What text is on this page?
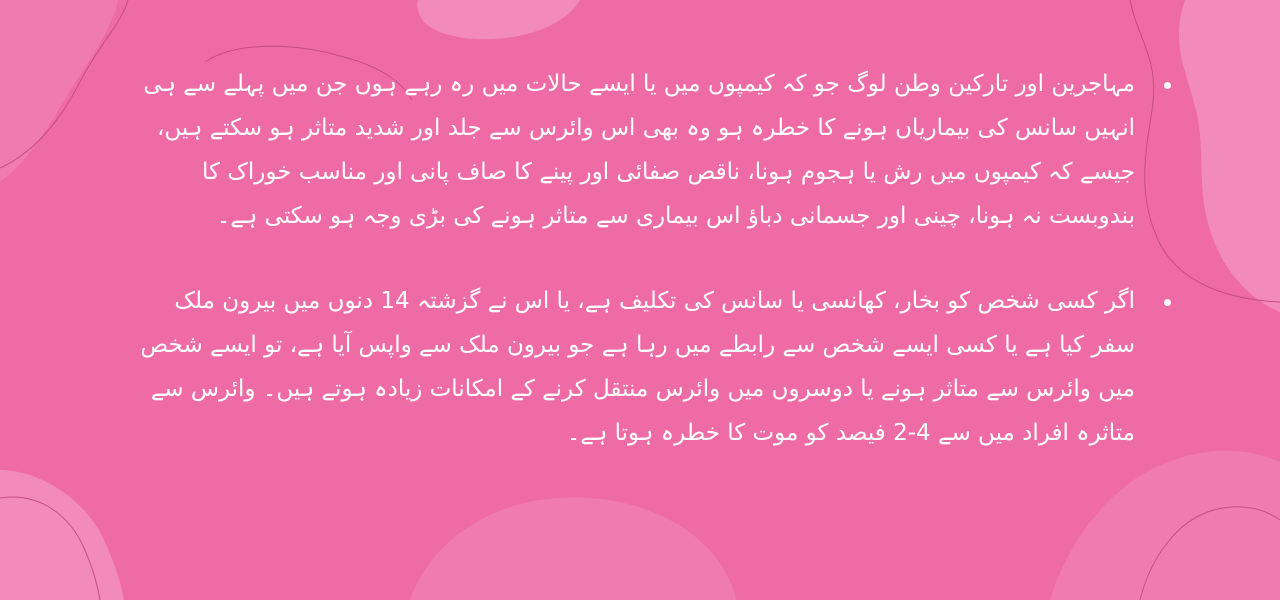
مہاجرین اور تارکین وطن لوگ جو کہ کیمپوں میں یا ایسے حالات میں رہ رہے ہوں جن میں پہلے سے ہی انہیں سانس کی بیماریاں ہونے کا خطرہ ہو وہ بھی اس وائرس سے جلد اور شدید متاثر ہو سکتے ہیں، جیسے کہ کیمپوں میں رش یا ہجوم ہونا، ناقص صفائی اور پینے کا صاف پانی اور مناسب خوراک کا بندوبست نہ ہونا، چینی اور جسمانی دباؤ اس بیماری سے متاثر ہونے کی بڑی وجہ ہو سکتی ہے۔

اگر کسی شخص کو بخار، کھانسی یا سانس کی تکلیف ہے، یا اس نے گزشتہ 14 دنوں میں بیرون ملک سفر کیا ہے یا کسی ایسے شخص سے رابطے میں رہا ہے جو بیرون ملک سے واپس آیا ہے، تو ایسے شخص میں وائرس سے متاثر ہونے یا دوسروں میں وائرس منتقل کرنے کے امکانات زیادہ ہوتے ہیں۔ وائرس سے متاثرہ افراد میں سے 4-2 فیصد کو موت کا خطرہ ہوتا ہے۔
